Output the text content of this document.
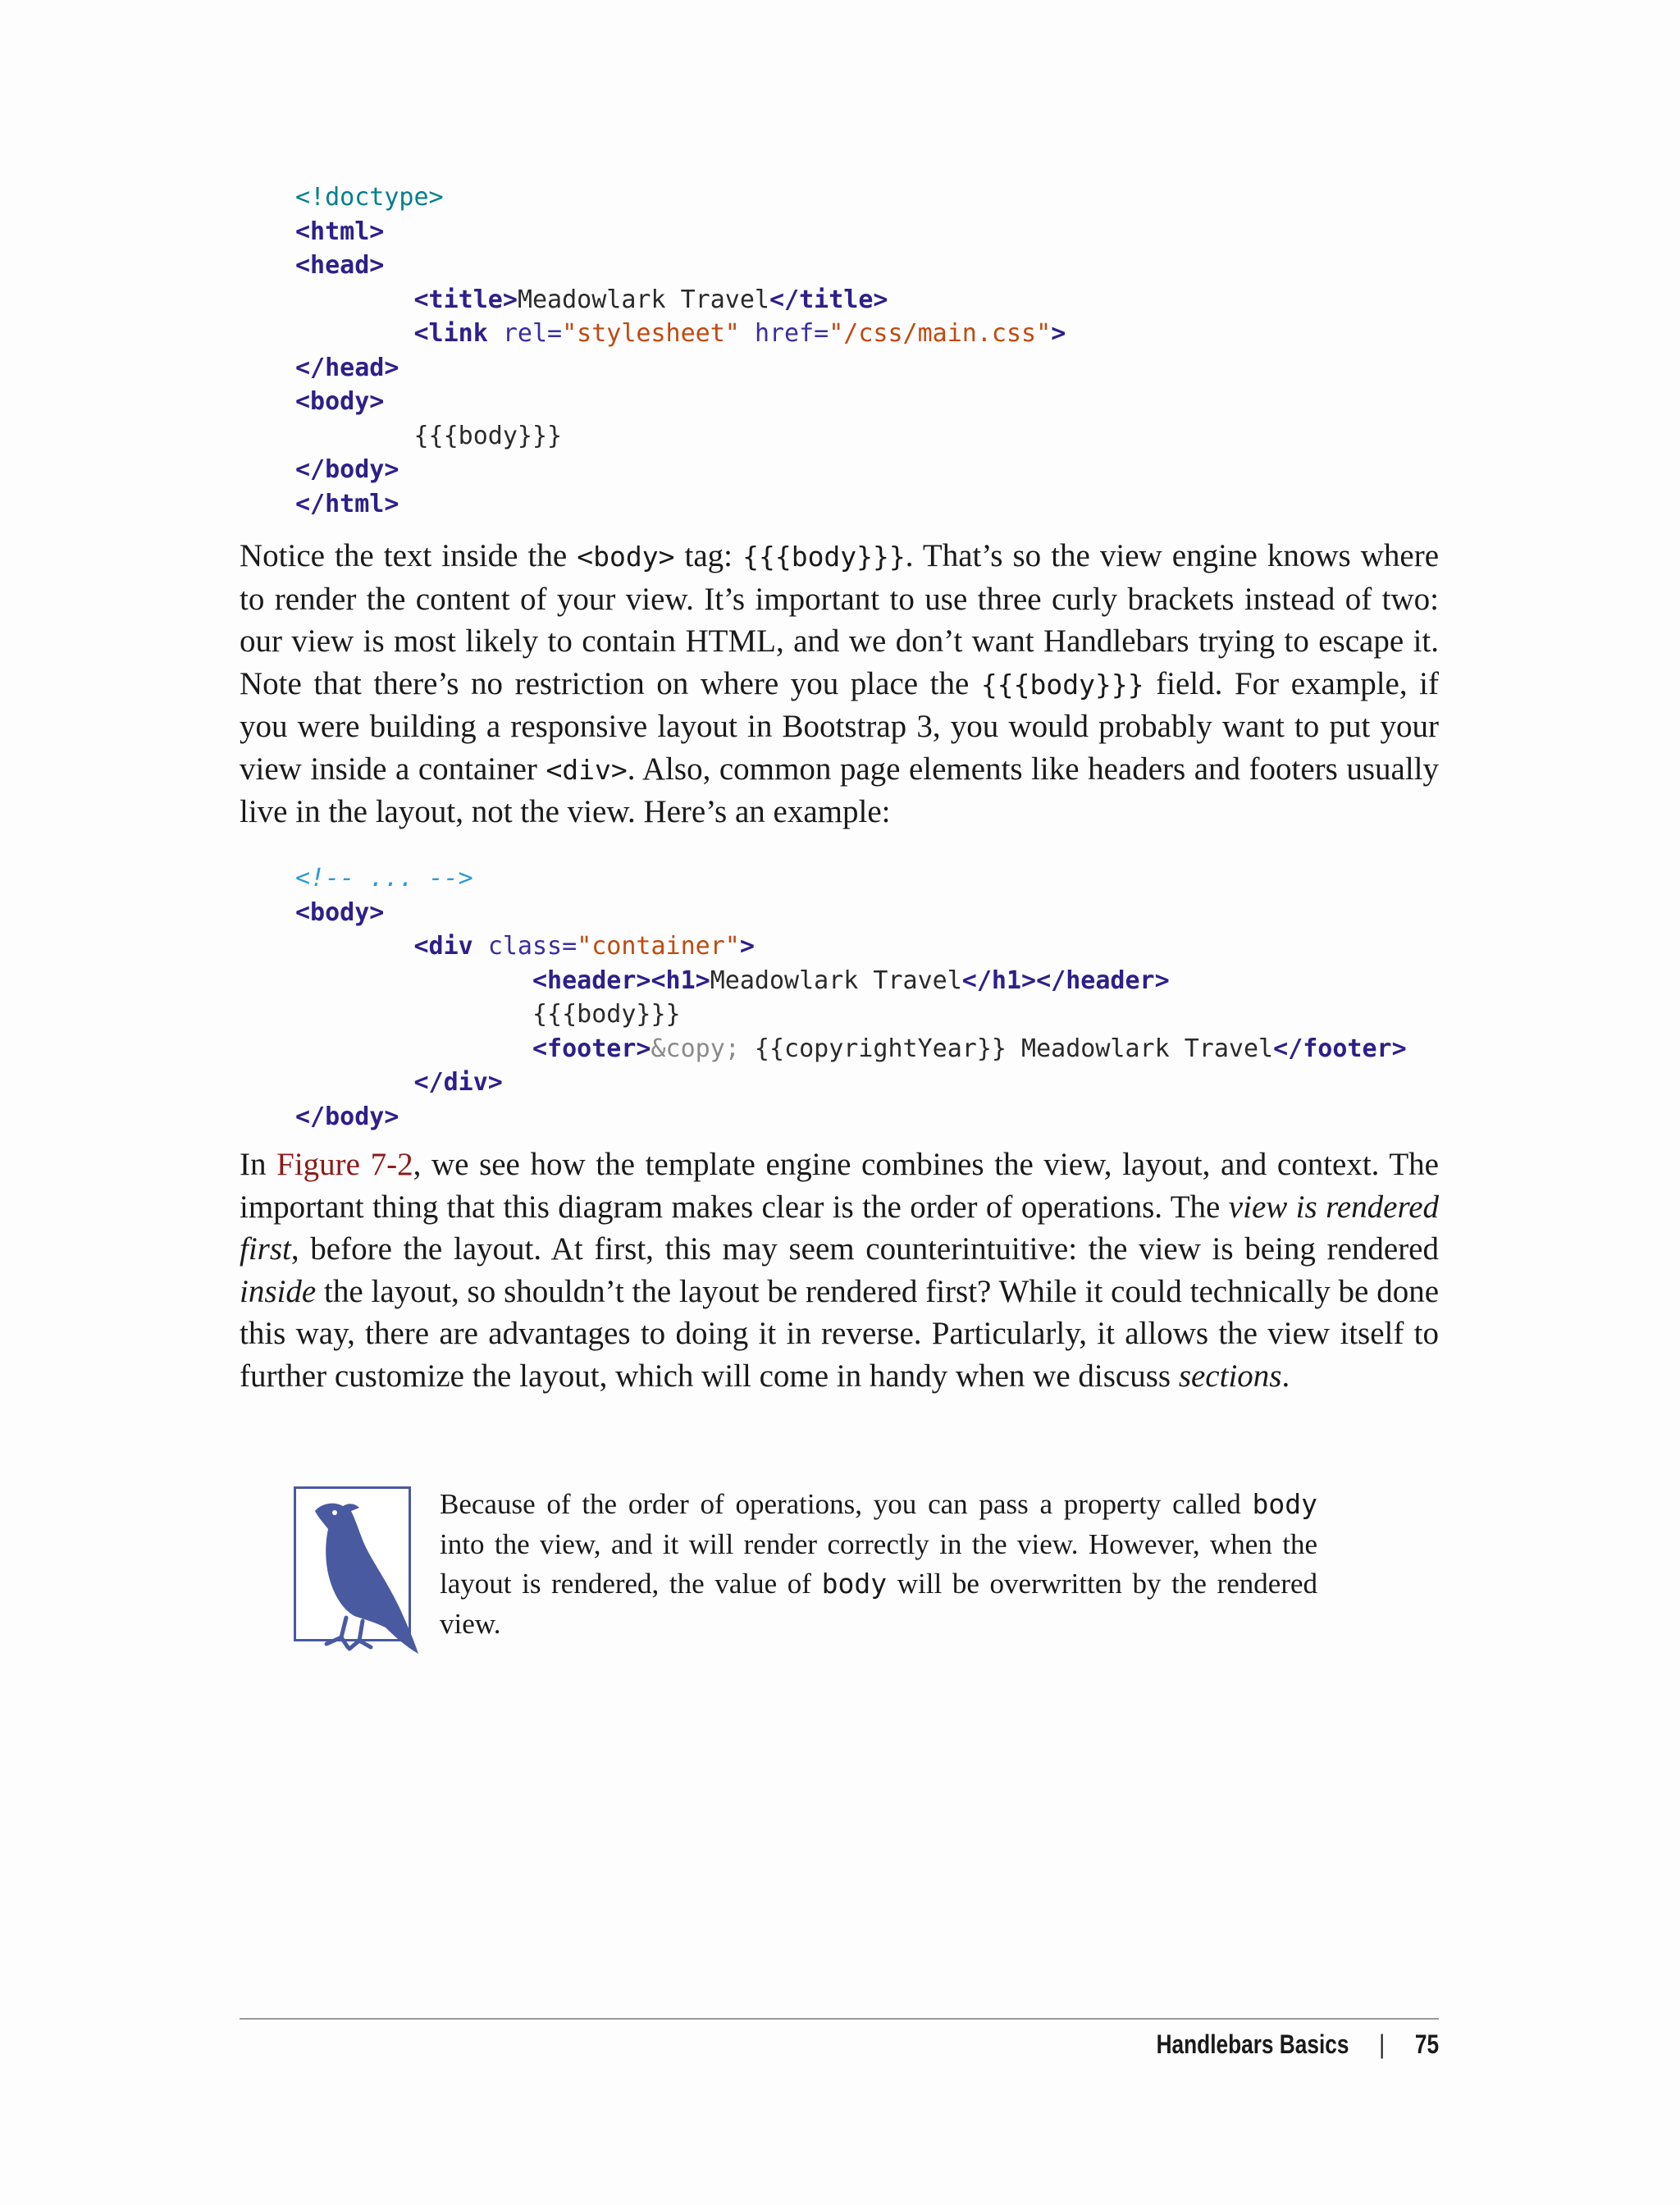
<!doctype>
<html>
<head>
<title>Meadowlark Travel</title>
<link rel="stylesheet" href="/css/main.css">
</head>
<body>
{{{body}}}
</body>
</html>

Notice the text inside the <body> tag: {{{body}}}. That’s so the view engine knows where to render the content of your view. It’s important to use three curly brackets instead of two: our view is most likely to contain HTML, and we don’t want Handlebars trying to escape it. Note that there’s no restriction on where you place the {{{body}}} field. For example, if you were building a responsive layout in Bootstrap 3, you would probably want to put your view inside a container <div>. Also, common page elements like headers and footers usually live in the layout, not the view. Here’s an example:

<!-- ... -->
<body>
<div class="container">
<header><h1>Meadowlark Travel</h1></header>
{{{body}}}
<footer>&copy; {{copyrightYear}} Meadowlark Travel</footer>
</div>
</body>

In Figure 7-2, we see how the template engine combines the view, layout, and context. The important thing that this diagram makes clear is the order of operations. The view is rendered first, before the layout. At first, this may seem counterintuitive: the view is being rendered inside the layout, so shouldn’t the layout be rendered first? While it could technically be done this way, there are advantages to doing it in reverse. Particularly, it allows the view itself to further customize the layout, which will come in handy when we discuss sections.

Because of the order of operations, you can pass a property called body into the view, and it will render correctly in the view. However, when the layout is rendered, the value of body will be overwritten by the rendered view.

Handlebars Basics | 75
